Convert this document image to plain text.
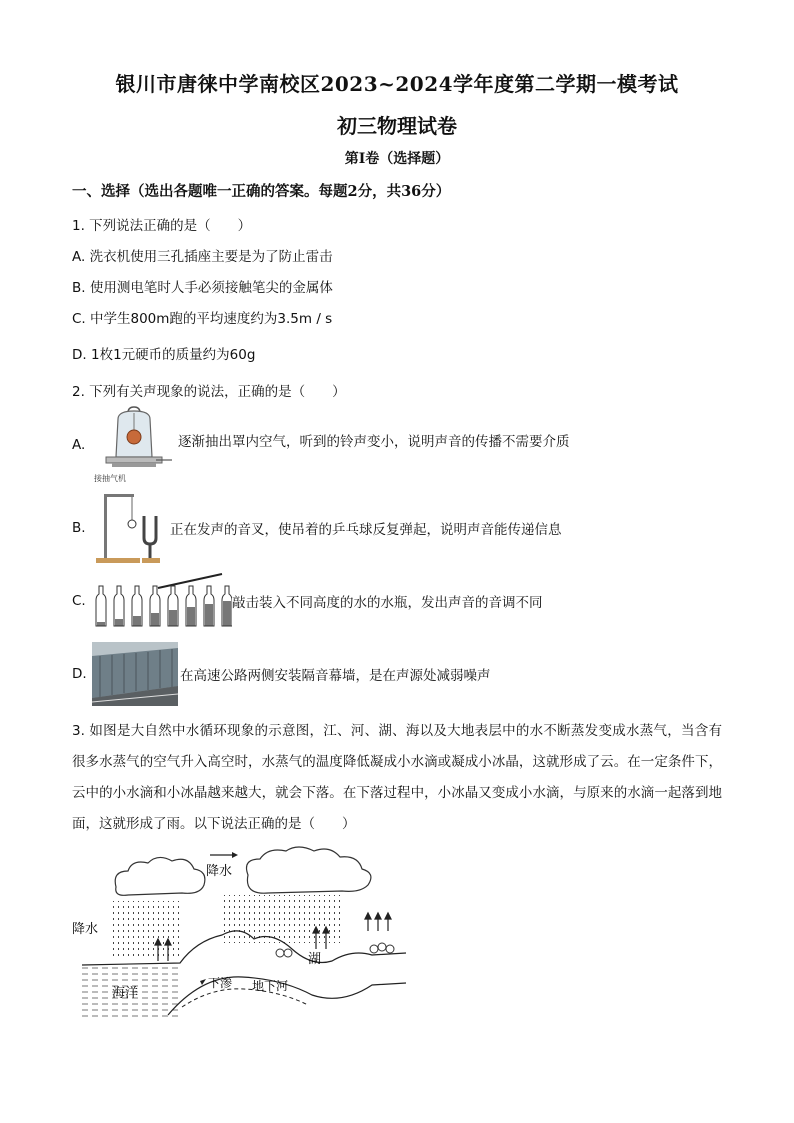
银川市唐徕中学南校区2023~2024学年度第二学期一模考试
初三物理试卷
第I卷（选择题）
一、选择（选出各题唯一正确的答案。每题2分，共36分）
1. 下列说法正确的是（　　）
A. 洗衣机使用三孔插座主要是为了防止雷击
B. 使用测电笔时人手必须接触笔尖的金属体
C. 中学生800m跑的平均速度约为3.5m / s
D. 1枚1元硬币的质量约为60g
2. 下列有关声现象的说法，正确的是（　　）
A.
接抽气机
逐渐抽出罩内空气，听到的铃声变小，说明声音的传播不需要介质
B.	正在发声的音叉，使吊着的乒乓球反复弹起，说明声音能传递信息
C.	敲击装入不同高度的水的水瓶，发出声音的音调不同
D.	在高速公路两侧安装隔音幕墙，是在声源处减弱噪声
3. 如图是大自然中水循环现象的示意图，江、河、湖、海以及大地表层中的水不断蒸发变成水蒸气，当含有很多水蒸气的空气升入高空时，水蒸气的温度降低凝成小水滴或凝成小冰晶，这就形成了云。在一定条件下，云中的小水滴和小冰晶越来越大，就会下落。在下落过程中，小冰晶又变成小水滴，与原来的水滴一起落到地面，这就形成了雨。以下说法正确的是（　　）
降水
降水
海洋
下渗 地下河
湖
